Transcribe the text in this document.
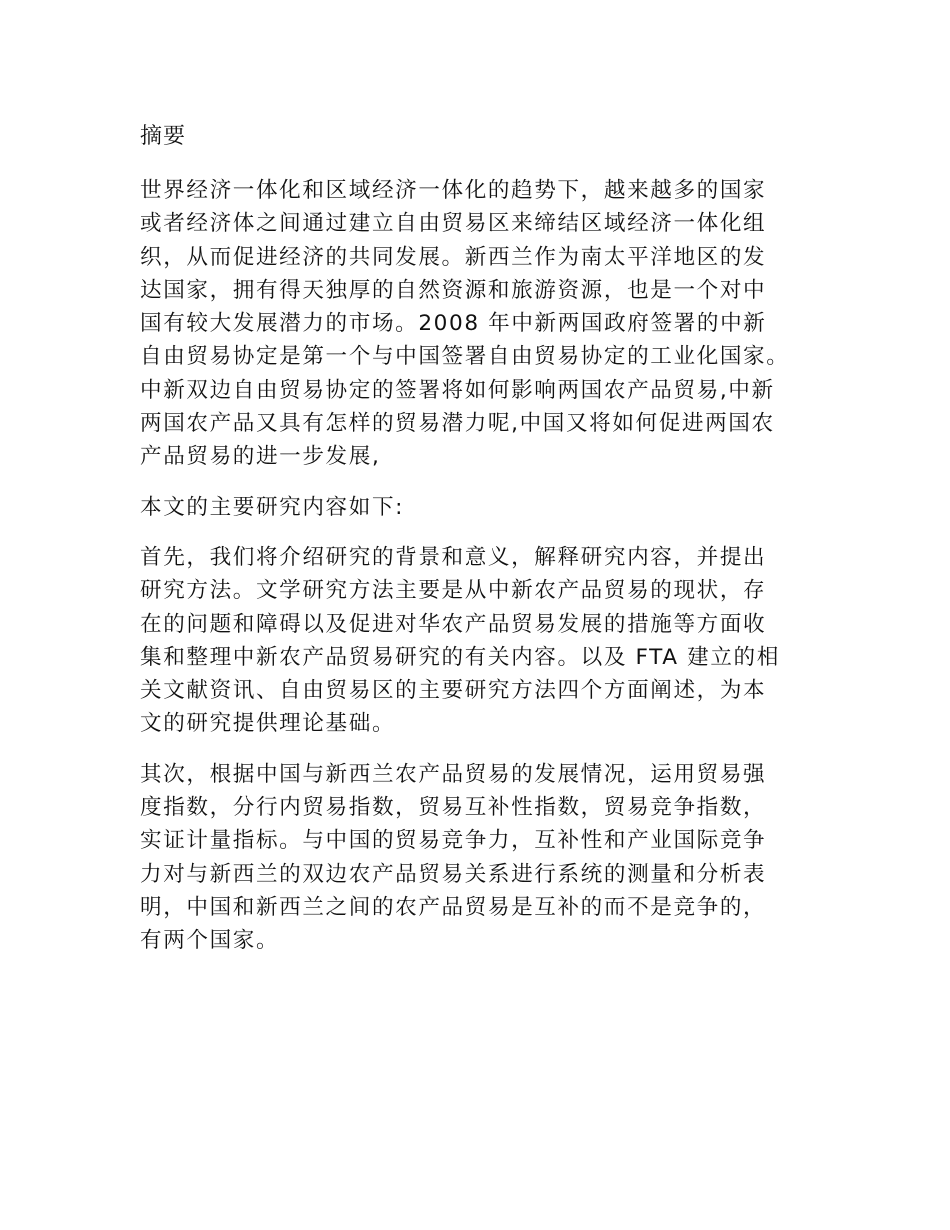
摘要
世界经济一体化和区域经济一体化的趋势下，越来越多的国家
或者经济体之间通过建立自由贸易区来缔结区域经济一体化组
织，从而促进经济的共同发展。新西兰作为南太平洋地区的发
达国家，拥有得天独厚的自然资源和旅游资源，也是一个对中
国有较大发展潜力的市场。2008 年中新两国政府签署的中新
自由贸易协定是第一个与中国签署自由贸易协定的工业化国家。
中新双边自由贸易协定的签署将如何影响两国农产品贸易,中新
两国农产品又具有怎样的贸易潜力呢,中国又将如何促进两国农
产品贸易的进一步发展,
本文的主要研究内容如下:
首先，我们将介绍研究的背景和意义，解释研究内容，并提出
研究方法。文学研究方法主要是从中新农产品贸易的现状，存
在的问题和障碍以及促进对华农产品贸易发展的措施等方面收
集和整理中新农产品贸易研究的有关内容。以及 FTA 建立的相
关文献资讯、自由贸易区的主要研究方法四个方面阐述，为本
文的研究提供理论基础。
其次，根据中国与新西兰农产品贸易的发展情况，运用贸易强
度指数，分行内贸易指数，贸易互补性指数，贸易竞争指数，
实证计量指标。与中国的贸易竞争力，互补性和产业国际竞争
力对与新西兰的双边农产品贸易关系进行系统的测量和分析表
明，中国和新西兰之间的农产品贸易是互补的而不是竞争的，
有两个国家。
